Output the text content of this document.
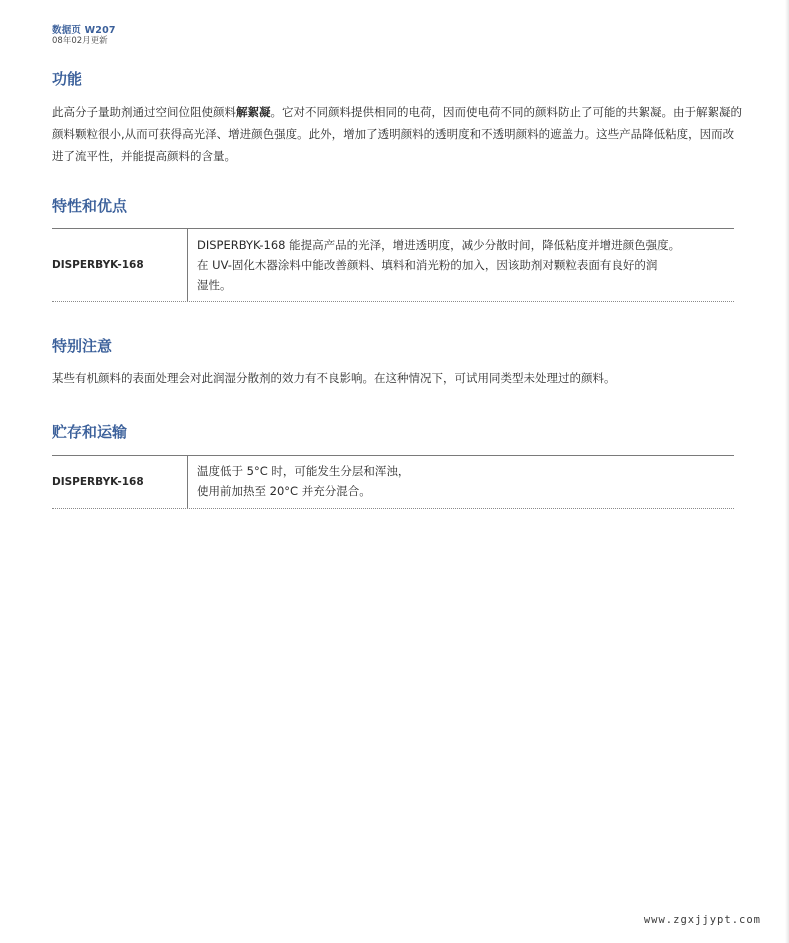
数据页 W207
08年02月更新
功能

此高分子量助剂通过空间位阻使颜料解絮凝。它对不同颜料提供相同的电荷，因而使电荷不同的颜料防止了可能的共絮凝。由于解絮凝的颜料颗粒很小,从而可获得高光泽、增进颜色强度。此外，增加了透明颜料的透明度和不透明颜料的遮盖力。这些产品降低粘度，因而改进了流平性，并能提高颜料的含量。

特性和优点
DISPERBYK-168
DISPERBYK-168 能提高产品的光泽，增进透明度，减少分散时间，降低粘度并增进颜色强度。
在 UV-固化木器涂料中能改善颜料、填料和消光粉的加入，因该助剂对颗粒表面有良好的润
湿性。
特别注意

某些有机颜料的表面处理会对此润湿分散剂的效力有不良影响。在这种情况下，可试用同类型未处理过的颜料。

贮存和运输
DISPERBYK-168
温度低于 5°C 时，可能发生分层和浑浊，
使用前加热至 20°C 并充分混合。
www.zgxjjypt.com
